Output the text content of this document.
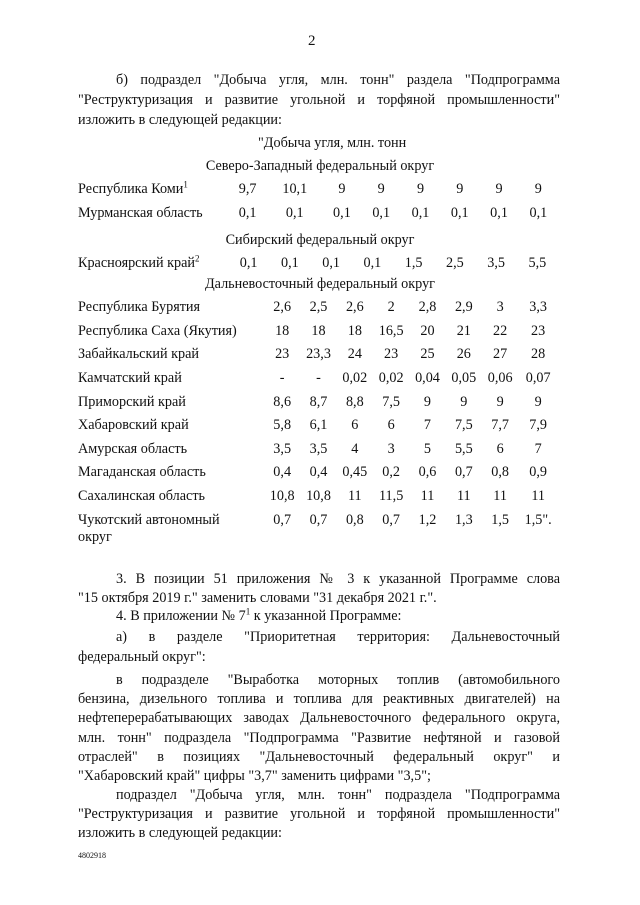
2
б) подраздел "Добыча угля, млн. тонн" раздела "Подпрограмма
"Реструктуризация и развитие угольной и торфяной промышленности"
изложить в следующей редакции:
"Добыча угля, млн. тонн
Северо-Западный федеральный округ
Республика Коми$^1$	9,7	10,1	9	9	9	9	9	9
Мурманская область	0,1	0,1	0,1	0,1	0,1	0,1	0,1	0,1
Сибирский федеральный округ
Красноярский край$^2$	0,1	0,1	0,1	0,1	1,5	2,5	3,5	5,5
Дальневосточный федеральный округ
Республика Бурятия	2,6	2,5	2,6	2	2,8	2,9	3	3,3
Республика Саха (Якутия)	18	18	18	16,5	20	21	22	23
Забайкальский край	23	23,3	24	23	25	26	27	28
Камчатский край	-	-	0,02	0,02	0,04	0,05	0,06	0,07
Приморский край	8,6	8,7	8,8	7,5	9	9	9	9
Хабаровский край	5,8	6,1	6	6	7	7,5	7,7	7,9
Амурская область	3,5	3,5	4	3	5	5,5	6	7
Магаданская область	0,4	0,4	0,45	0,2	0,6	0,7	0,8	0,9
Сахалинская область	10,8	10,8	11	11,5	11	11	11	11
Чукотский автономный
округ	0,7	0,7	0,8	0,7	1,2	1,3	1,5	1,5".
3. В позиции 51 приложения № 3 к указанной Программе слова
"15 октября 2019 г." заменить словами "31 декабря 2021 г.".
4. В приложении № $7^1$ к указанной Программе:
а) в разделе "Приоритетная территория: Дальневосточный
федеральный округ":
в подразделе "Выработка моторных топлив (автомобильного
бензина, дизельного топлива и топлива для реактивных двигателей) на
нефтеперерабатывающих заводах Дальневосточного федерального округа,
млн. тонн" подраздела "Подпрограмма "Развитие нефтяной и газовой
отраслей" в позициях "Дальневосточный федеральный округ" и
"Хабаровский край" цифры "3,7" заменить цифрами "3,5";
подраздел "Добыча угля, млн. тонн" подраздела "Подпрограмма
"Реструктуризация и развитие угольной и торфяной промышленности"
изложить в следующей редакции:
4802918
